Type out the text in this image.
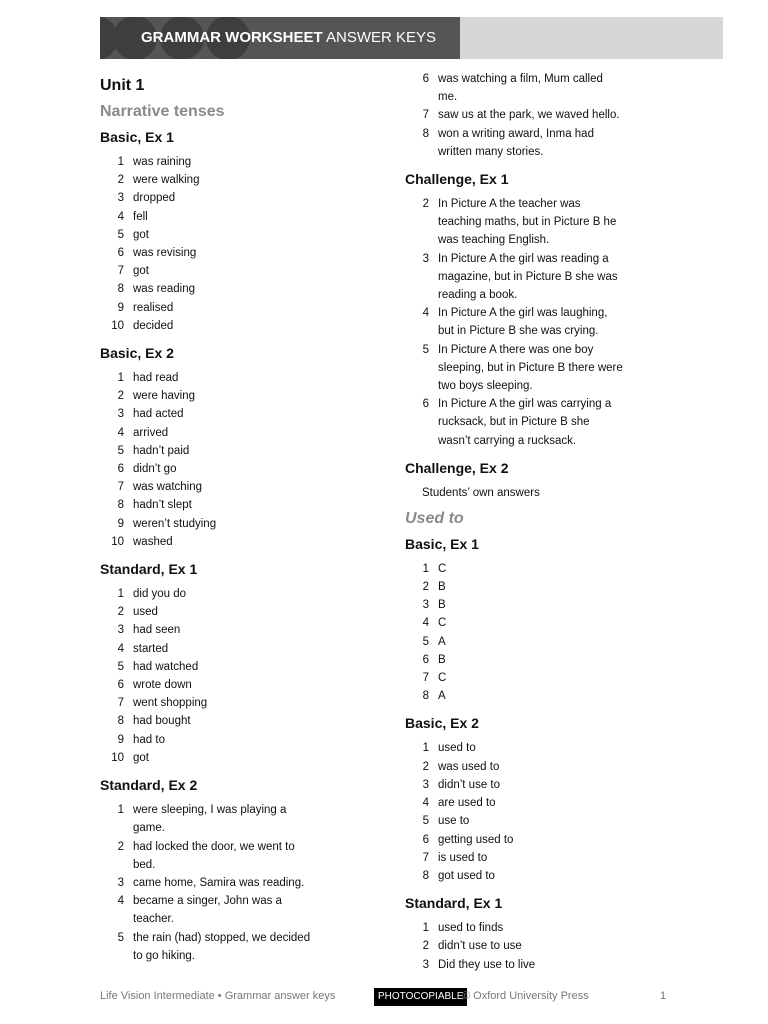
GRAMMAR WORKSHEET ANSWER KEYS
Unit 1
Narrative tenses
Basic, Ex 1
1 was raining
2 were walking
3 dropped
4 fell
5 got
6 was revising
7 got
8 was reading
9 realised
10 decided
Basic, Ex 2
1 had read
2 were having
3 had acted
4 arrived
5 hadn’t paid
6 didn’t go
7 was watching
8 hadn’t slept
9 weren’t studying
10 washed
Standard, Ex 1
1 did you do
2 used
3 had seen
4 started
5 had watched
6 wrote down
7 went shopping
8 had bought
9 had to
10 got
Standard, Ex 2
1 were sleeping, I was playing a game.
2 had locked the door, we went to bed.
3 came home, Samira was reading.
4 became a singer, John was a teacher.
5 the rain (had) stopped, we decided to go hiking.
6 was watching a film, Mum called me.
7 saw us at the park, we waved hello.
8 won a writing award, Inma had written many stories.
Challenge, Ex 1
2 In Picture A the teacher was teaching maths, but in Picture B he was teaching English.
3 In Picture A the girl was reading a magazine, but in Picture B she was reading a book.
4 In Picture A the girl was laughing, but in Picture B she was crying.
5 In Picture A there was one boy sleeping, but in Picture B there were two boys sleeping.
6 In Picture A the girl was carrying a rucksack, but in Picture B she wasn’t carrying a rucksack.
Challenge, Ex 2
Students’ own answers
Used to
Basic, Ex 1
1 C
2 B
3 B
4 C
5 A
6 B
7 C
8 A
Basic, Ex 2
1 used to
2 was used to
3 didn’t use to
4 are used to
5 use to
6 getting used to
7 is used to
8 got used to
Standard, Ex 1
1 used to finds
2 didn’t use to use
3 Did they use to live
Life Vision Intermediate • Grammar answer keys	PHOTOCOPIABLE
© Oxford University Press	1
